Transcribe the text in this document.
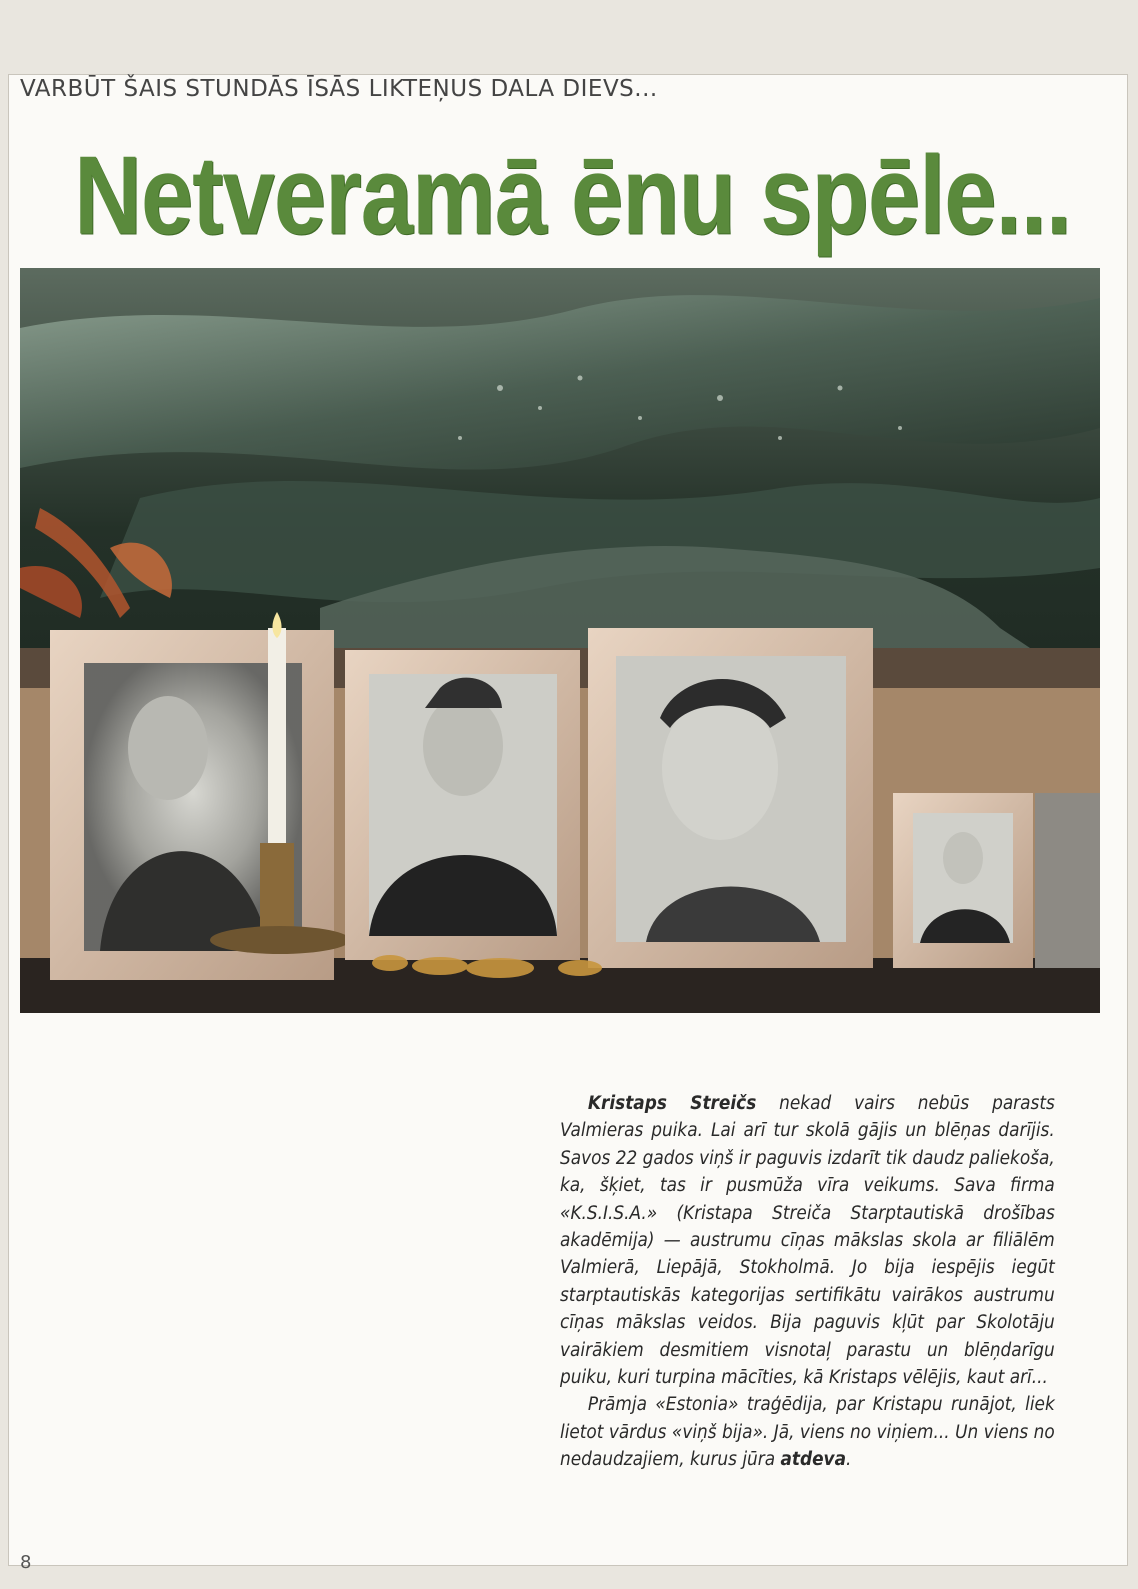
VARBŪT ŠAIS STUNDĀS ĪSĀS LIKTEŅUS DALA DIEVS...
Netveramā ēnu spēle...

Kristaps Streičs nekad vairs nebūs parasts Valmieras puika. Lai arī tur skolā gājis un blēņas darījis. Savos 22 gados viņš ir paguvis izdarīt tik daudz paliekoša, ka, šķiet, tas ir pusmūža vīra veikums. Sava firma «K.S.I.S.A.» (Kristapa Streiča Starptautiskā drošības akadēmija) — austrumu cīņas mākslas skola ar filiālēm Valmierā, Liepājā, Stokholmā. Jo bija iespējis iegūt starptautiskās kategorijas sertifikātu vairākos austrumu cīņas mākslas veidos. Bija paguvis kļūt par Skolotāju vairākiem desmitiem visnotaļ parastu un blēņdarīgu puiku, kuri turpina mācīties, kā Kristaps vēlējis, kaut arī...

Prāmja «Estonia» traģēdija, par Kristapu runājot, liek lietot vārdus «viņš bija». Jā, viens no viņiem... Un viens no nedaudzajiem, kurus jūra atdeva.

8
